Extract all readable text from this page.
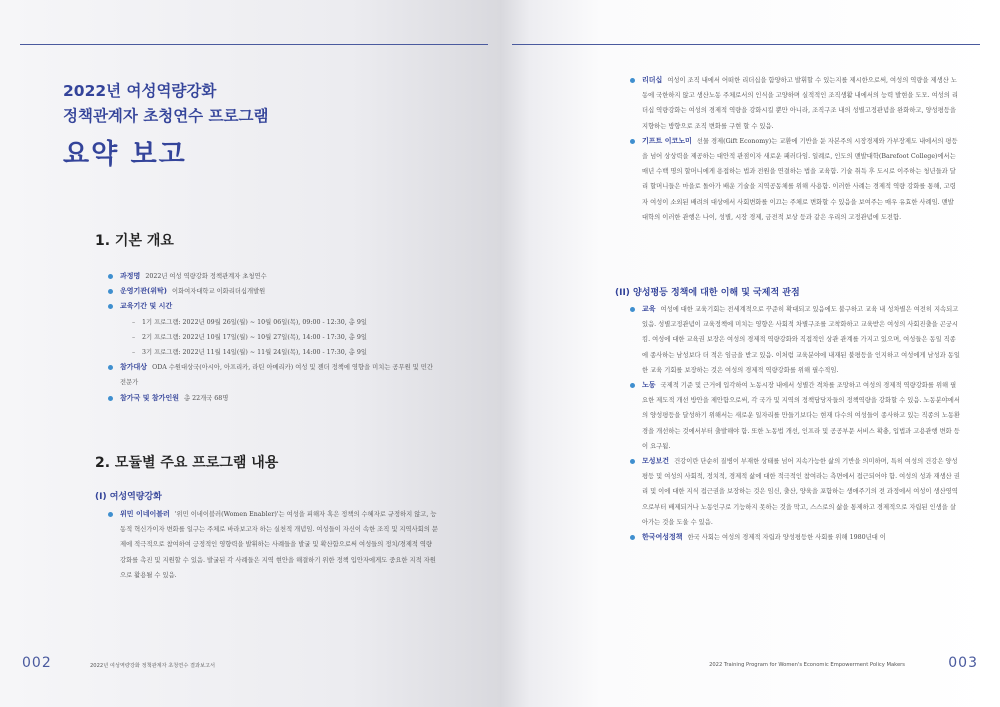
2022년 여성역량강화
정책관계자 초청연수 프로그램
요약 보고
1. 기본 개요
과정명 2022년 여성 역량강화 정책관계자 초청연수
운영기관(위탁) 이화여자대학교 이화리더십개발원
교육기간 및 시간
– 1기 프로그램: 2022년 09월 26일(월) ~ 10월 06일(목), 09:00 - 12:30, 총 9일
– 2기 프로그램: 2022년 10월 17일(월) ~ 10월 27일(목), 14:00 - 17:30, 총 9일
– 3기 프로그램: 2022년 11월 14일(월) ~ 11월 24일(목), 14:00 - 17:30, 총 9일
참가대상 ODA 수원대상국(아시아, 아프리카, 라틴 아메리카) 여성 및 젠더 정책에 영향을 미치는 공무원 및 민간 전문가
참가국 및 참가인원 총 22개국 68명
2. 모듈별 주요 프로그램 내용
(I) 여성역량강화
위민 이네이블러 '위민 이네이블러(Women Enabler)'는 여성을 피해자 혹은 정책의 수혜자로 규정하지 않고, 능동적 혁신가이자 변화를 일구는 주체로 바라보고자 하는 실천적 개념임. 여성들이 자신이 속한 조직 및 지역사회의 문제에 적극적으로 참여하여 긍정적인 영향력을 발휘하는 사례들을 발굴 및 확산함으로써 여성들의 정치/경제적 역량강화를 촉진 및 지원할 수 있음. 발굴된 각 사례들은 지역 현안을 해결하기 위한 정책 입안자에게도 중요한 지적 자원으로 활용될 수 있음.
002	2022년 여성역량강화 정책관계자 초청연수 결과보고서
리더십 여성이 조직 내에서 어떠한 리더십을 함양하고 발휘할 수 있는지를 제시한으로써, 여성의 역량을 제생산 노동에 국한하지 않고 생산노동 주체로서의 인식을 고양하며 실적적인 조직생활 내에서의 능력 발현을 도모. 여성의 리더십 역량강화는 여성의 경제적 역량을 강화시킬 뿐만 아니라, 조직구조 내의 성별고정관념을 완화하고, 양성평등을 지향하는 방향으로 조직 변화를 구현 할 수 있음.
기프트 이코노미 선물 경제(Gift Economy)는 교환에 기반을 둔 자본주의 시장경제와 가부장제도 내에서의 평등을 넘어 상상력을 제공하는 대안적 관점이자 새로운 패러다임. 일례로, 인도의 맨발대학(Barefoot College)에서는 매년 수백 명의 할머니에게 용접하는 법과 전원을 연결하는 법을 교육함. 기술 취득 후 도시로 이주하는 청년들과 달리 할머니들은 마을로 돌아가 배운 기술을 지역공동체를 위해 사용함. 이러한 사례는 경제적 역량 강화를 통해, 고령자 여성이 소외된 배려의 대상에서 사회변화를 이끄는 주체로 변화할 수 있음을 보여주는 매우 유효한 사례임. 맨발 대학의 이러한 관행은 나이, 성별, 시장 경제, 금전적 보상 등과 같은 우리의 고정관념에 도전함.
(II) 양성평등 정책에 대한 이해 및 국제적 관점
교육 여성에 대한 교육기회는 전세계적으로 꾸준히 확대되고 있음에도 불구하고 교육 내 성차별은 여전히 지속되고 있음. 성별고정관념이 교육정책에 미치는 영향은 사회적 차별구조를 고착화하고 교육받은 여성의 사회진출을 곤궁시킴. 여성에 대한 교육권 보장은 여성의 경제적 역량강화와 직접적인 상관 관계를 가지고 있으며, 여성들은 동일 직종에 종사하는 남성보다 더 적은 임금을 받고 있음. 이처럼 교육분야에 내재된 불평등을 인지하고 여성에게 남성과 동일한 교육 기회를 보장하는 것은 여성의 경제적 역량강화를 위해 필수적임.
노동 국제적 기준 및 근거에 입각하여 노동시장 내에서 성별간 격차를 조망하고 여성의 경제적 역량강화를 위해 필요한 제도적 개선 방안을 제안함으로써, 각 국가 및 지역의 정책담당자들의 정책역량을 강화할 수 있음. 노동분야에서의 양성평등을 달성하기 위해서는 새로운 일자리를 만들기보다는 현재 다수의 여성들이 종사하고 있는 직종의 노동환경을 개선하는 것에서부터 출발해야 함. 또한 노동법 개선, 인프라 및 공공부문 서비스 확충, 입법과 고용관행 변화 등이 요구됨.
모성보건 건강이란 단순히 질병이 부재한 상태를 넘어 지속가능한 삶의 기반을 의미하며, 특히 여성의 건강은 양성평등 및 여성의 사회적, 정치적, 경제적 삶에 대한 적극적인 참여라는 측면에서 접근되어야 함. 여성의 성과 재생산 권리 및 이에 대한 지식 접근권을 보장하는 것은 임신, 출산, 양육을 포함하는 생애주기의 전 과정에서 여성이 생산영역으로부터 배제되거나 노동인구로 기능하지 못하는 것을 막고, 스스로의 삶을 통제하고 경제적으로 자립된 인생을 살아가는 것을 도울 수 있음.
한국여성정책 한국 사회는 여성의 경제적 자립과 양성평등한 사회를 위해 1980년대 이
2022 Training Program for Women's Economic Empowerment Policy Makers	003
